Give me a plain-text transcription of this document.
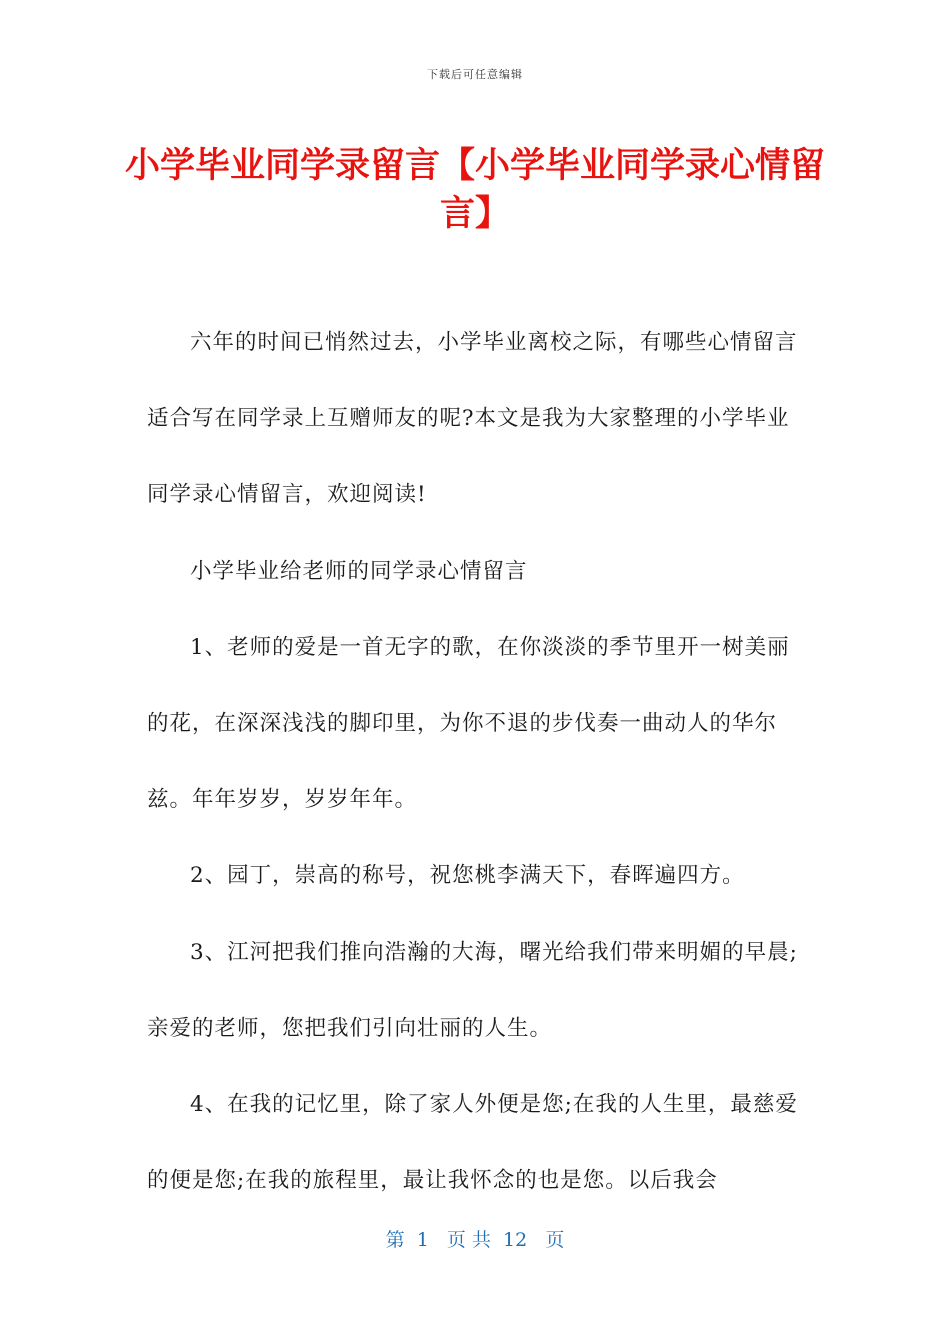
下载后可任意编辑
小学毕业同学录留言【小学毕业同学录心情留言】

六年的时间已悄然过去，小学毕业离校之际，有哪些心情留言适合写在同学录上互赠师友的呢?本文是我为大家整理的小学毕业同学录心情留言，欢迎阅读!

小学毕业给老师的同学录心情留言

1、老师的爱是一首无字的歌，在你淡淡的季节里开一树美丽的花，在深深浅浅的脚印里，为你不退的步伐奏一曲动人的华尔兹。年年岁岁，岁岁年年。

2、园丁，崇高的称号，祝您桃李满天下，春晖遍四方。

3、江河把我们推向浩瀚的大海，曙光给我们带来明媚的早晨;亲爱的老师，您把我们引向壮丽的人生。

4、在我的记忆里，除了家人外便是您;在我的人生里，最慈爱的便是您;在我的旅程里，最让我怀念的也是您。以后我会

第  1   页 共  12   页
